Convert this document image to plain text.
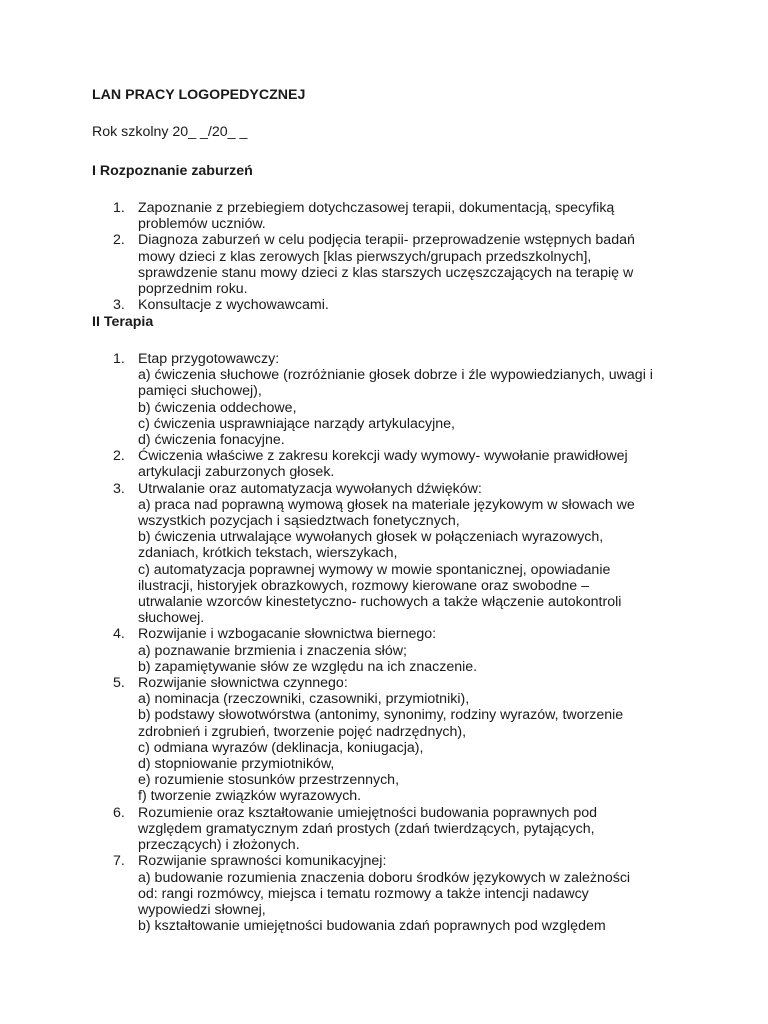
LAN PRACY LOGOPEDYCZNEJ

Rok szkolny 20_ _/20_ _

I Rozpoznanie zaburzeń

1. Zapoznanie z przebiegiem dotychczasowej terapii, dokumentacją, specyfiką
problemów uczniów.
2. Diagnoza zaburzeń w celu podjęcia terapii- przeprowadzenie wstępnych badań
mowy dzieci z klas zerowych [klas pierwszych/grupach przedszkolnych],
sprawdzenie stanu mowy dzieci z klas starszych uczęszczających na terapię w
poprzednim roku.
3. Konsultacje z wychowawcami.

II Terapia

1. Etap przygotowawczy:
a) ćwiczenia słuchowe (rozróżnianie głosek dobrze i źle wypowiedzianych, uwagi i
pamięci słuchowej),
b) ćwiczenia oddechowe,
c) ćwiczenia usprawniające narządy artykulacyjne,
d) ćwiczenia fonacyjne.
2. Ćwiczenia właściwe z zakresu korekcji wady wymowy- wywołanie prawidłowej
artykulacji zaburzonych głosek.
3. Utrwalanie oraz automatyzacja wywołanych dźwięków:
a) praca nad poprawną wymową głosek na materiale językowym w słowach we
wszystkich pozycjach i sąsiedztwach fonetycznych,
b) ćwiczenia utrwalające wywołanych głosek w połączeniach wyrazowych,
zdaniach, krótkich tekstach, wierszykach,
c) automatyzacja poprawnej wymowy w mowie spontanicznej, opowiadanie
ilustracji, historyjek obrazkowych, rozmowy kierowane oraz swobodne –
utrwalanie wzorców kinestetyczno- ruchowych a także włączenie autokontroli
słuchowej.
4. Rozwijanie i wzbogacanie słownictwa biernego:
a) poznawanie brzmienia i znaczenia słów;
b) zapamiętywanie słów ze względu na ich znaczenie.
5. Rozwijanie słownictwa czynnego:
a) nominacja (rzeczowniki, czasowniki, przymiotniki),
b) podstawy słowotwórstwa (antonimy, synonimy, rodziny wyrazów, tworzenie
zdrobnień i zgrubień, tworzenie pojęć nadrzędnych),
c) odmiana wyrazów (deklinacja, koniugacja),
d) stopniowanie przymiotników,
e) rozumienie stosunków przestrzennych,
f) tworzenie związków wyrazowych.
6. Rozumienie oraz kształtowanie umiejętności budowania poprawnych pod
względem gramatycznym zdań prostych (zdań twierdzących, pytających,
przeczących) i złożonych.
7. Rozwijanie sprawności komunikacyjnej:
a) budowanie rozumienia znaczenia doboru środków językowych w zależności
od: rangi rozmówcy, miejsca i tematu rozmowy a także intencji nadawcy
wypowiedzi słownej,
b) kształtowanie umiejętności budowania zdań poprawnych pod względem
